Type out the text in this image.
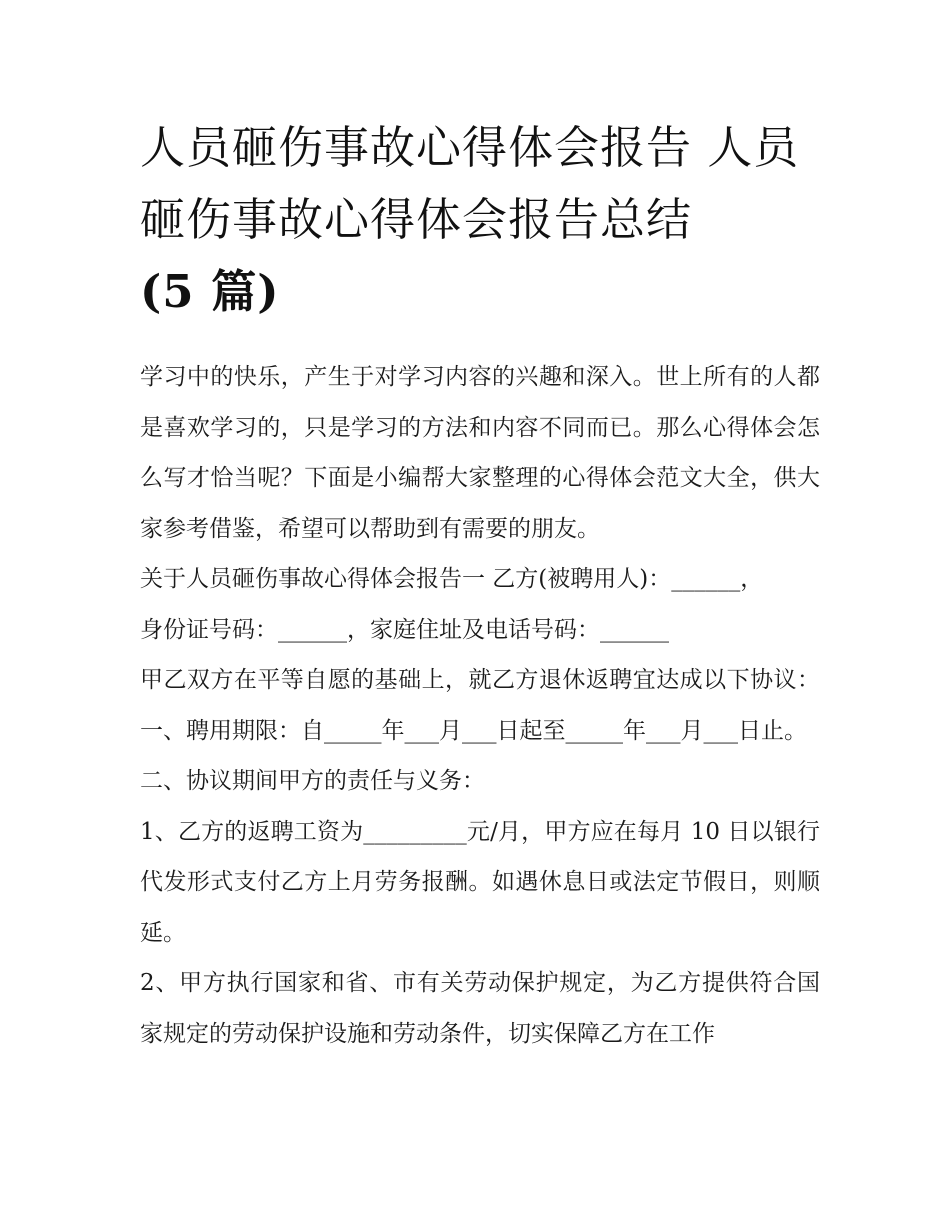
人员砸伤事故心得体会报告 人员砸伤事故心得体会报告总结
(5 篇)

学习中的快乐，产生于对学习内容的兴趣和深入。世上所有的人都是喜欢学习的，只是学习的方法和内容不同而已。那么心得体会怎么写才恰当呢？下面是小编帮大家整理的心得体会范文大全，供大家参考借鉴，希望可以帮助到有需要的朋友。

关于人员砸伤事故心得体会报告一 乙方(被聘用人)：______，

身份证号码：______，家庭住址及电话号码：______

甲乙双方在平等自愿的基础上，就乙方退休返聘宜达成以下协议： 一、聘用期限：自_____年___月___日起至_____年___月___日止。

二、协议期间甲方的责任与义务：

1、乙方的返聘工资为_________元/月，甲方应在每月 10 日以银行代发形式支付乙方上月劳务报酬。如遇休息日或法定节假日，则顺延。

2、甲方执行国家和省、市有关劳动保护规定，为乙方提供符合国家规定的劳动保护设施和劳动条件，切实保障乙方在工作
